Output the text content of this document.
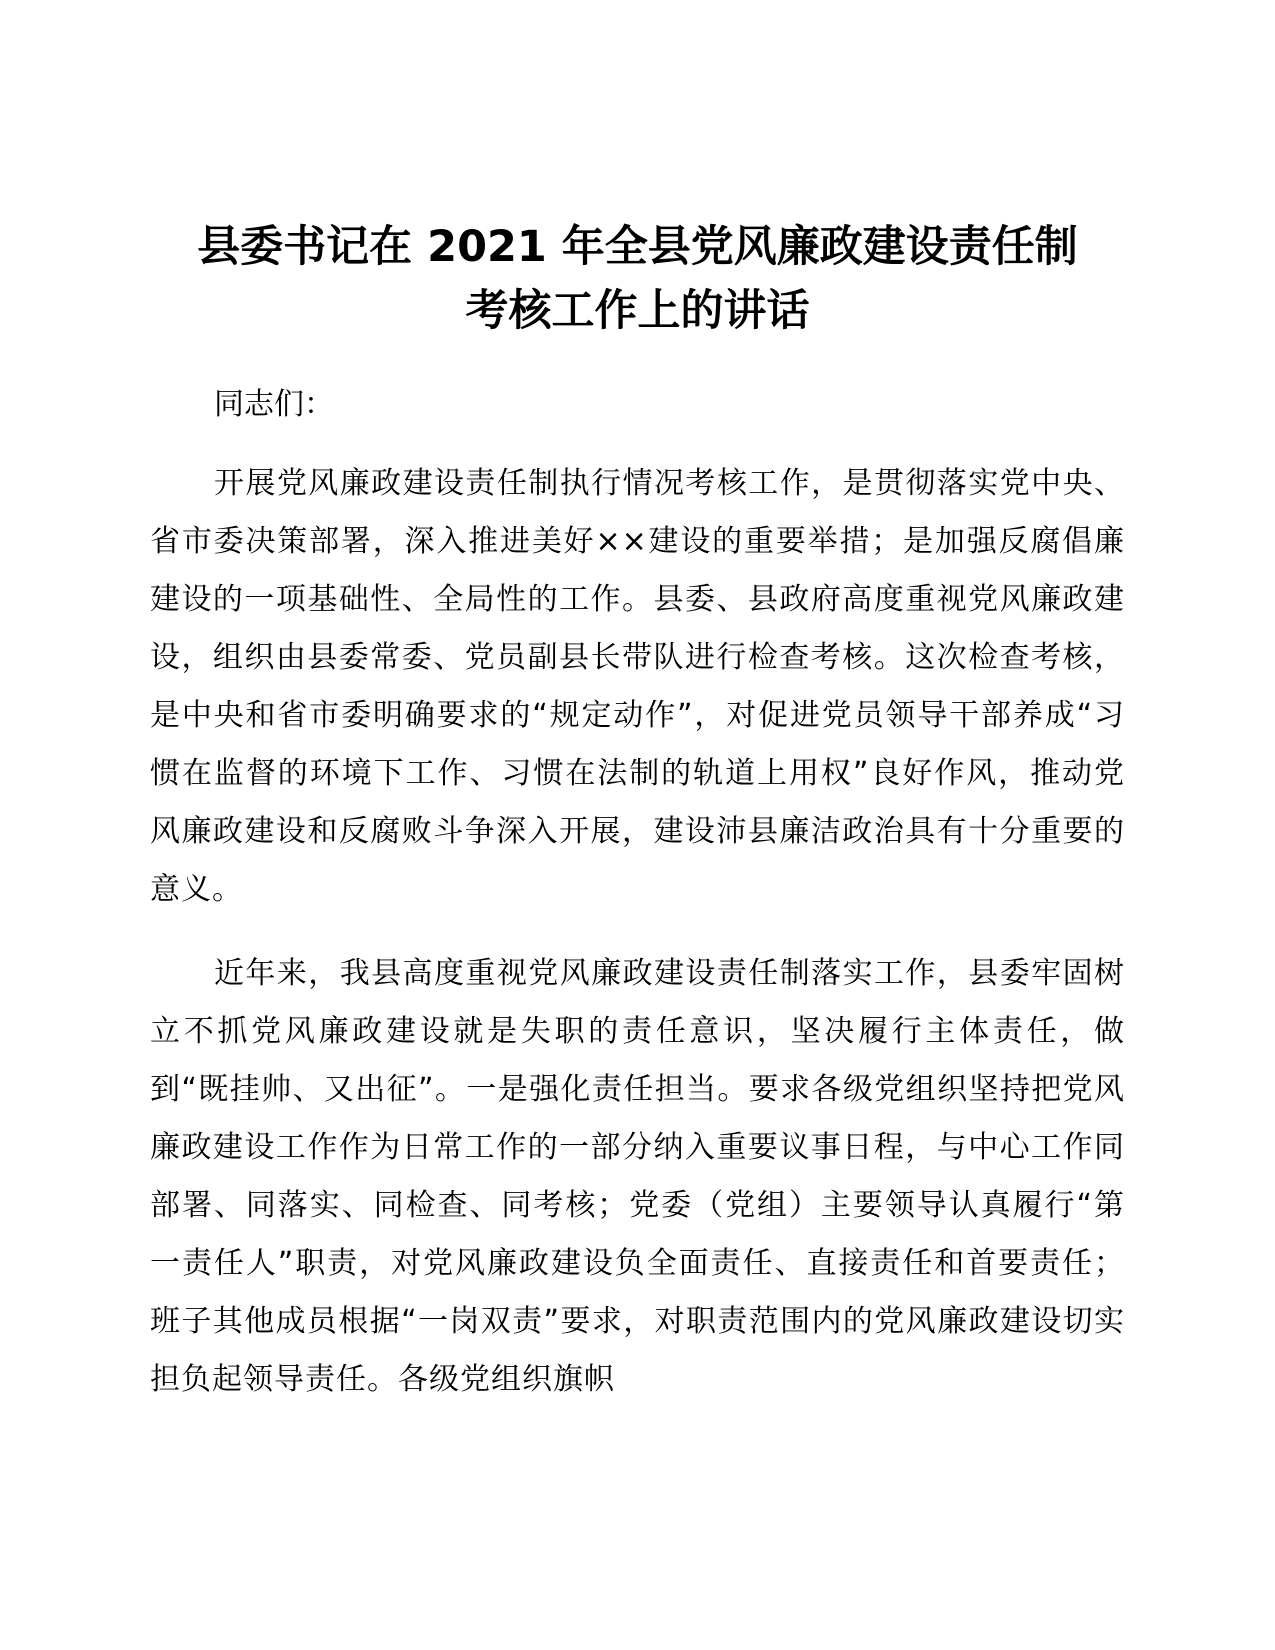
县委书记在 2021 年全县党风廉政建设责任制
考核工作上的讲话

同志们：

开展党风廉政建设责任制执行情况考核工作，是贯彻落实党中央、省市委决策部署，深入推进美好××建设的重要举措；是加强反腐倡廉建设的一项基础性、全局性的工作。县委、县政府高度重视党风廉政建设，组织由县委常委、党员副县长带队进行检查考核。这次检查考核，是中央和省市委明确要求的“规定动作”，对促进党员领导干部养成“习惯在监督的环境下工作、习惯在法制的轨道上用权”良好作风，推动党风廉政建设和反腐败斗争深入开展，建设沛县廉洁政治具有十分重要的意义。

近年来，我县高度重视党风廉政建设责任制落实工作，县委牢固树立不抓党风廉政建设就是失职的责任意识，坚决履行主体责任，做到“既挂帅、又出征”。一是强化责任担当。要求各级党组织坚持把党风廉政建设工作作为日常工作的一部分纳入重要议事日程，与中心工作同部署、同落实、同检查、同考核；党委（党组）主要领导认真履行“第一责任人”职责，对党风廉政建设负全面责任、直接责任和首要责任；班子其他成员根据“一岗双责”要求，对职责范围内的党风廉政建设切实担负起领导责任。各级党组织旗帜
